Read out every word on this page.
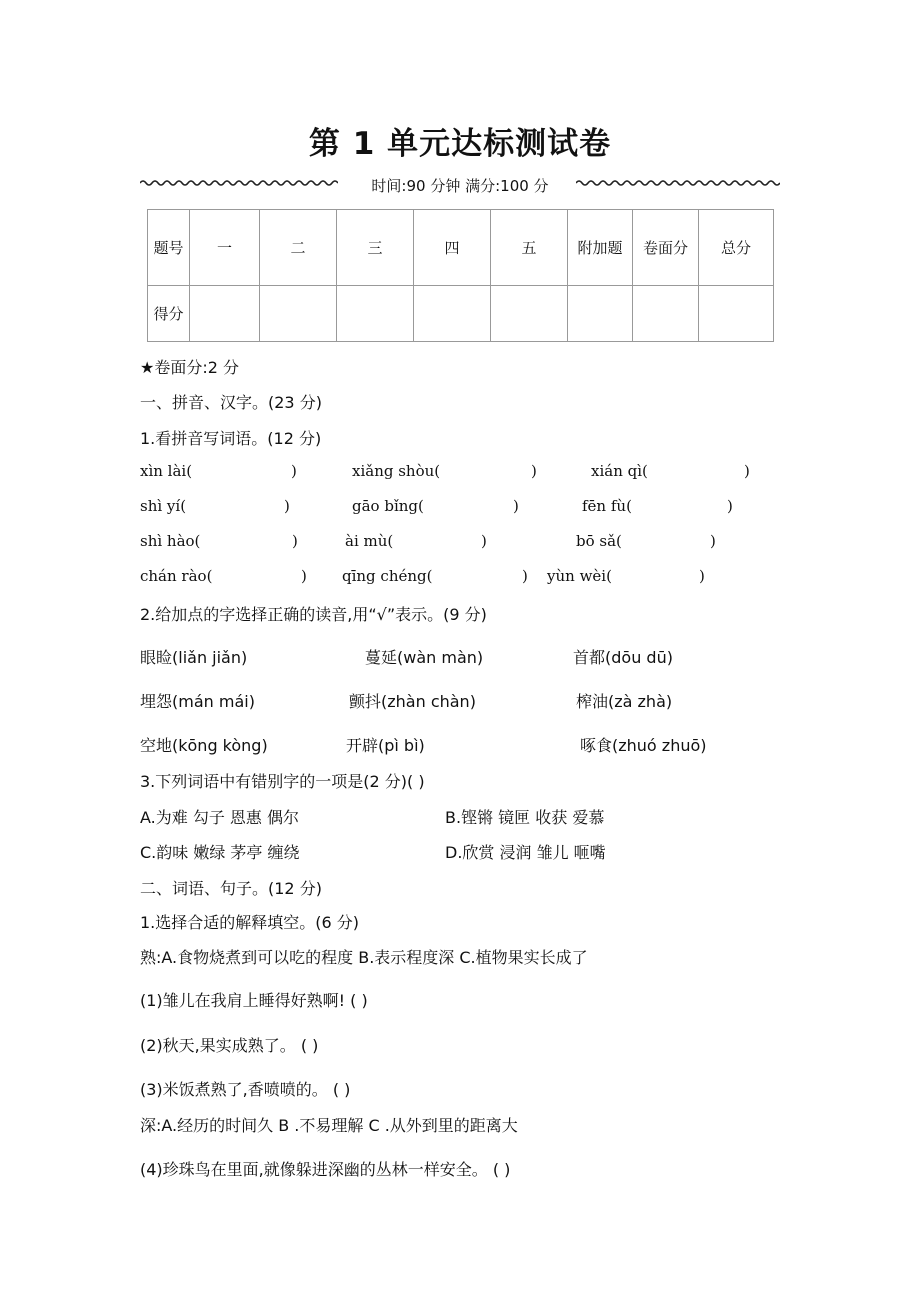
第 1 单元达标测试卷
时间:90 分钟 满分:100 分
题号	一	二	三	四	五	附加题	卷面分	总分
得分								
★卷面分:2 分
一、拼音、汉字。(23 分)
1.看拼音写词语。(12 分)
xìn lài(	)	xiǎng shòu(	)	xián qì(	)
shì yí(	)	gāo bǐng(	)	fēn fù(	)
shì hào(	)	ài mù(	)	bō sǎ(	)
chán rào(	) qīng chéng(	) yùn wèi(	)
2.给加点的字选择正确的读音,用“√”表示。(9 分)
眼睑(liǎn jiǎn)	蔓延(wàn màn)	首都(dōu dū)
埋怨(mán mái)	颤抖(zhàn chàn)	榨油(zà zhà)
空地(kōng kòng)	开辟(pì bì)	啄食(zhuó zhuō)
3.下列词语中有错别字的一项是(2 分)( )
A.为难 勾子 恩惠 偶尔	B.铿锵 镜匣 收获 爱慕
C.韵味 嫩绿 茅亭 缠绕	D.欣赏 浸润 雏儿 咂嘴
二、词语、句子。(12 分)
1.选择合适的解释填空。(6 分)
熟:A.食物烧煮到可以吃的程度 B.表示程度深 C.植物果实长成了
(1)雏儿在我肩上睡得好熟啊! ( )
(2)秋天,果实成熟了。 ( )
(3)米饭煮熟了,香喷喷的。 ( )
深:A.经历的时间久 B .不易理解 C .从外到里的距离大
(4)珍珠鸟在里面,就像躲进深幽的丛林一样安全。 ( )
